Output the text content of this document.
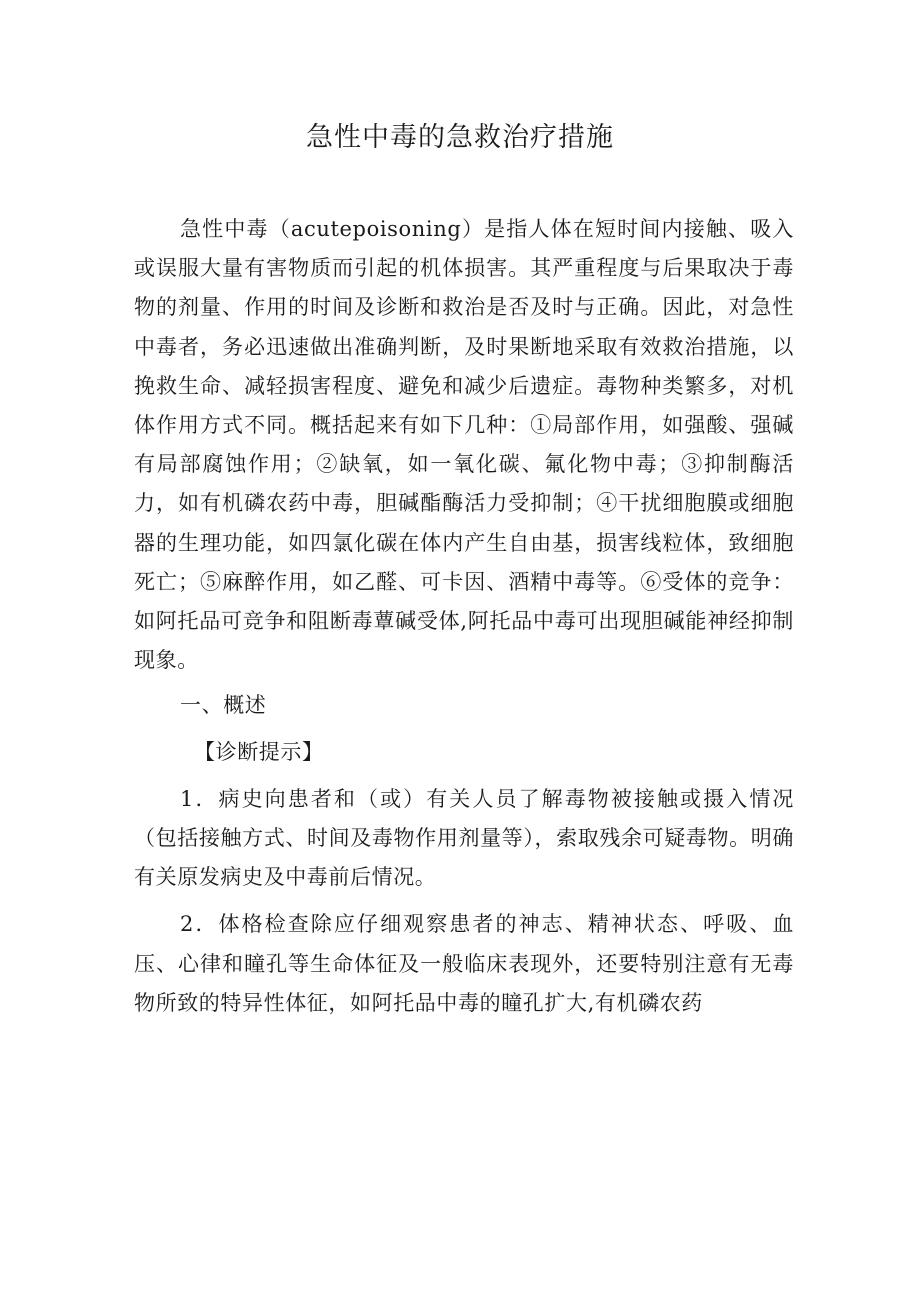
急性中毒的急救治疗措施

急性中毒（acutepoisoning）是指人体在短时间内接触、吸入或误服大量有害物质而引起的机体损害。其严重程度与后果取决于毒物的剂量、作用的时间及诊断和救治是否及时与正确。因此，对急性中毒者，务必迅速做出准确判断，及时果断地采取有效救治措施，以挽救生命、减轻损害程度、避免和减少后遗症。毒物种类繁多，对机体作用方式不同。概括起来有如下几种：①局部作用，如强酸、强碱有局部腐蚀作用；②缺氧，如一氧化碳、氟化物中毒；③抑制酶活力，如有机磷农药中毒，胆碱酯酶活力受抑制；④干扰细胞膜或细胞器的生理功能，如四氯化碳在体内产生自由基，损害线粒体，致细胞死亡；⑤麻醉作用，如乙醛、可卡因、酒精中毒等。⑥受体的竞争：如阿托品可竞争和阻断毒蕈碱受体,阿托品中毒可出现胆碱能神经抑制现象。

一、概述

【诊断提示】

1．病史向患者和（或）有关人员了解毒物被接触或摄入情况（包括接触方式、时间及毒物作用剂量等），索取残余可疑毒物。明确有关原发病史及中毒前后情况。

2．体格检查除应仔细观察患者的神志、精神状态、呼吸、血压、心律和瞳孔等生命体征及一般临床表现外，还要特别注意有无毒物所致的特异性体征，如阿托品中毒的瞳孔扩大,有机磷农药
